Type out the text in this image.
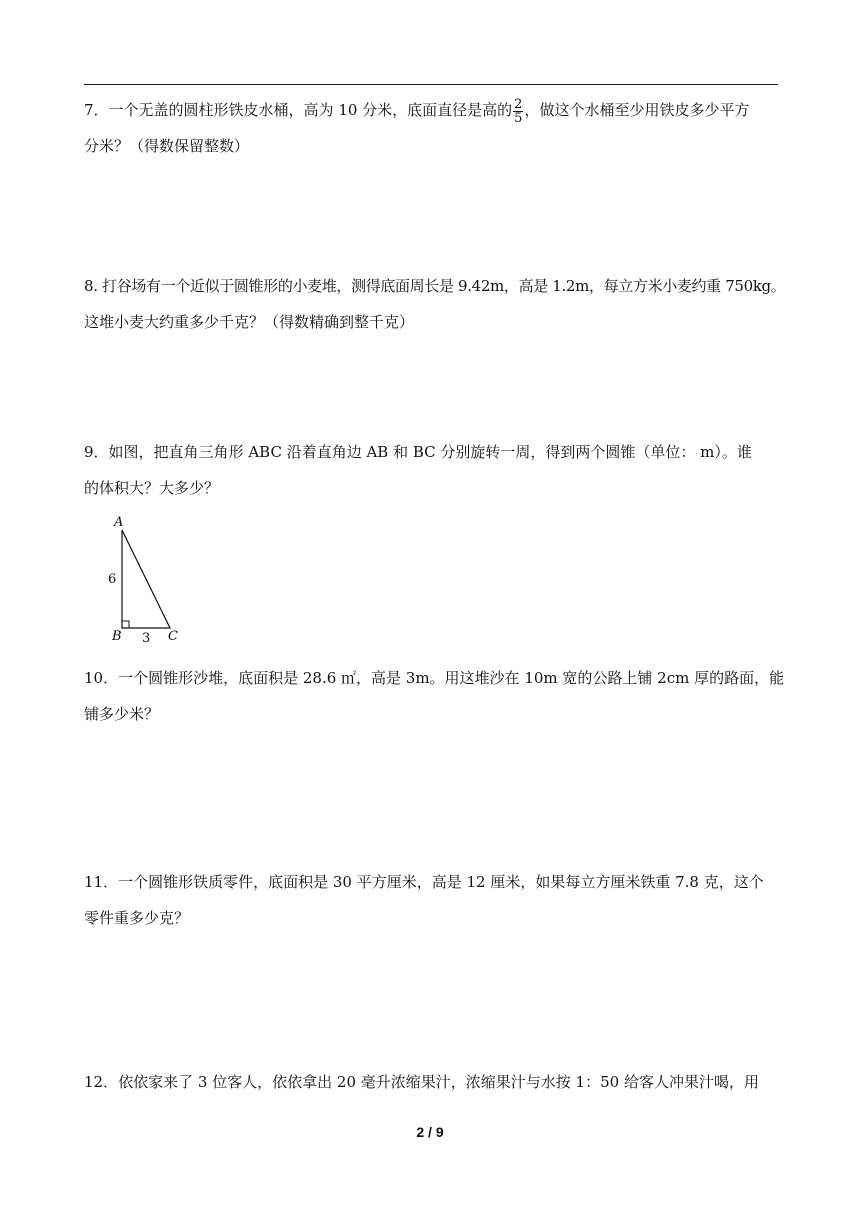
7．一个无盖的圆柱形铁皮水桶，高为 10 分米，底面直径是高的 $\frac{2}{5}$ ，做这个水桶至少用铁皮多少平方
分米？（得数保留整数）
8. 打谷场有一个近似于圆锥形的小麦堆，测得底面周长是 9.42m，高是 1.2m，每立方米小麦约重 750kg。
这堆小麦大约重多少千克？（得数精确到整千克）
9．如图，把直角三角形 ABC 沿着直角边 AB 和 BC 分别旋转一周，得到两个圆锥（单位： m）。谁
的体积大？大多少？
A
B	C
6
3
10．一个圆锥形沙堆，底面积是 28.6 ㎡，高是 3m。用这堆沙在 10m 宽的公路上铺 2cm 厚的路面，能
铺多少米？
11．一个圆锥形铁质零件，底面积是 30 平方厘米，高是 12 厘米，如果每立方厘米铁重 7.8 克，这个
零件重多少克？
12．依依家来了 3 位客人，依依拿出 20 毫升浓缩果汁，浓缩果汁与水按 1：50 给客人冲果汁喝，用
2 / 9
